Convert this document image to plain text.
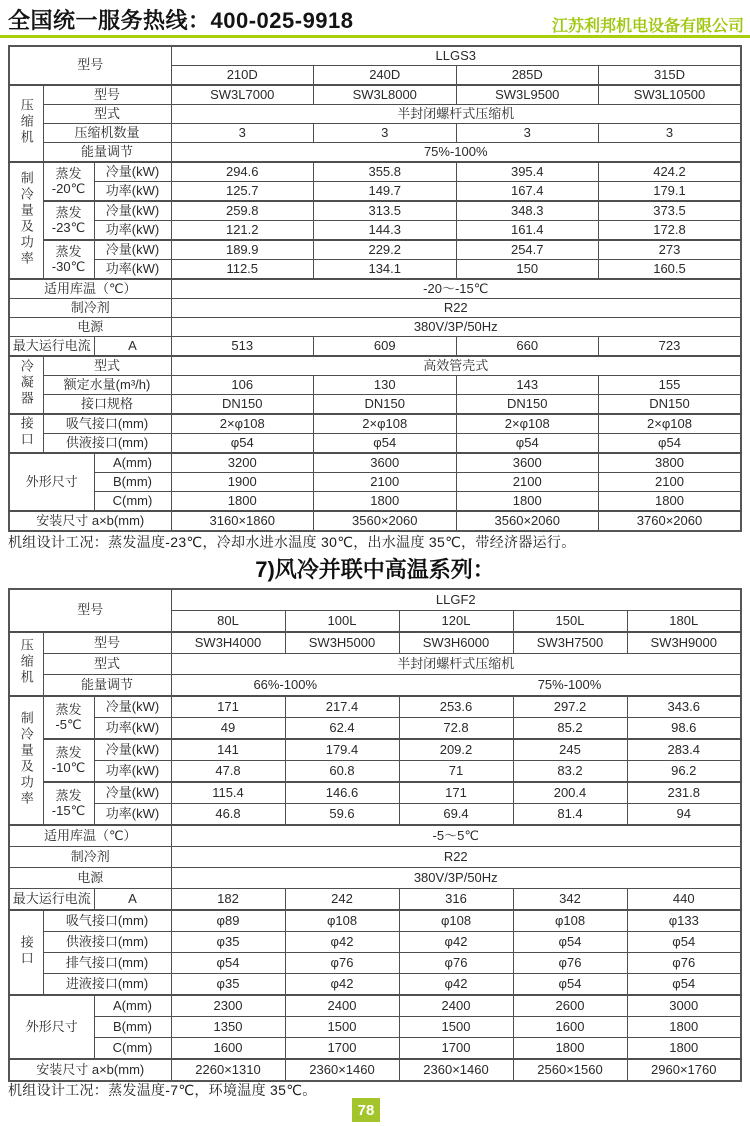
全国统一服务热线：400-025-9918	江苏利邦机电设备有限公司
型号			LLGS3			
			210D	240D	285D	315D
压缩机	型号		SW3L7000	SW3L8000	SW3L9500	SW3L10500
	型式		半封闭螺杆式压缩机			
	压缩机数量		3	3	3	3
	能量调节		75%-100%			
制冷量及功率	蒸发
-20℃	冷量(kW)	294.6	355.8	395.4	424.2
		功率(kW)	125.7	149.7	167.4	179.1

	蒸发
-23℃	冷量(kW)	259.8	313.5	348.3	373.5
		功率(kW)	121.2	144.3	161.4	172.8

	蒸发
-30℃	冷量(kW)	189.9	229.2	254.7	273
		功率(kW)	112.5	134.1	150	160.5
适用库温（℃）			-20～-15℃			
制冷剂			R22			
电源			380V/3P/50Hz			
最大运行电流		A	513	609	660	723
冷凝器	型式		高效管壳式			
	额定水量(m³/h)		106	130	143	155
	接口规格		DN150	DN150	DN150	DN150
接口	吸气接口(mm)		2×φ108	2×φ108	2×φ108	2×φ108
	供液接口(mm)		φ54	φ54	φ54	φ54
外形尺寸		A(mm)	3200	3600	3600	3800
		B(mm)	1900	2100	2100	2100
		C(mm)	1800	1800	1800	1800
安装尺寸 a×b(mm)			3160×1860	3560×2060	3560×2060	3760×2060
机组设计工况：蒸发温度-23℃，冷却水进水温度 30℃，出水温度 35℃，带经济器运行。
7)风冷并联中高温系列：
型号			LLGF2				
			80L	100L	120L	150L	180L
压缩机	型号		SW3H4000	SW3H5000	SW3H6000	SW3H7500	SW3H9000
	型式		半封闭螺杆式压缩机				
	能量调节		66%-100%		75%-100%		
制冷量及功率	蒸发
-5℃	冷量(kW)	171	217.4	253.6	297.2	343.6
		功率(kW)	49	62.4	72.8	85.2	98.6

	蒸发
-10℃	冷量(kW)	141	179.4	209.2	245	283.4
		功率(kW)	47.8	60.8	71	83.2	96.2

	蒸发
-15℃	冷量(kW)	115.4	146.6	171	200.4	231.8
		功率(kW)	46.8	59.6	69.4	81.4	94
适用库温（℃）			-5～5℃				
制冷剂			R22				
电源			380V/3P/50Hz				
最大运行电流		A	182	242	316	342	440
接口	吸气接口(mm)		φ89	φ108	φ108	φ108	φ133
	供液接口(mm)		φ35	φ42	φ42	φ54	φ54
	排气接口(mm)		φ54	φ76	φ76	φ76	φ76
	进液接口(mm)		φ35	φ42	φ42	φ54	φ54
外形尺寸		A(mm)	2300	2400	2400	2600	3000
		B(mm)	1350	1500	1500	1600	1800
		C(mm)	1600	1700	1700	1800	1800
安装尺寸 a×b(mm)			2260×1310	2360×1460	2360×1460	2560×1560	2960×1760
机组设计工况：蒸发温度-7℃，环境温度 35℃。
78
